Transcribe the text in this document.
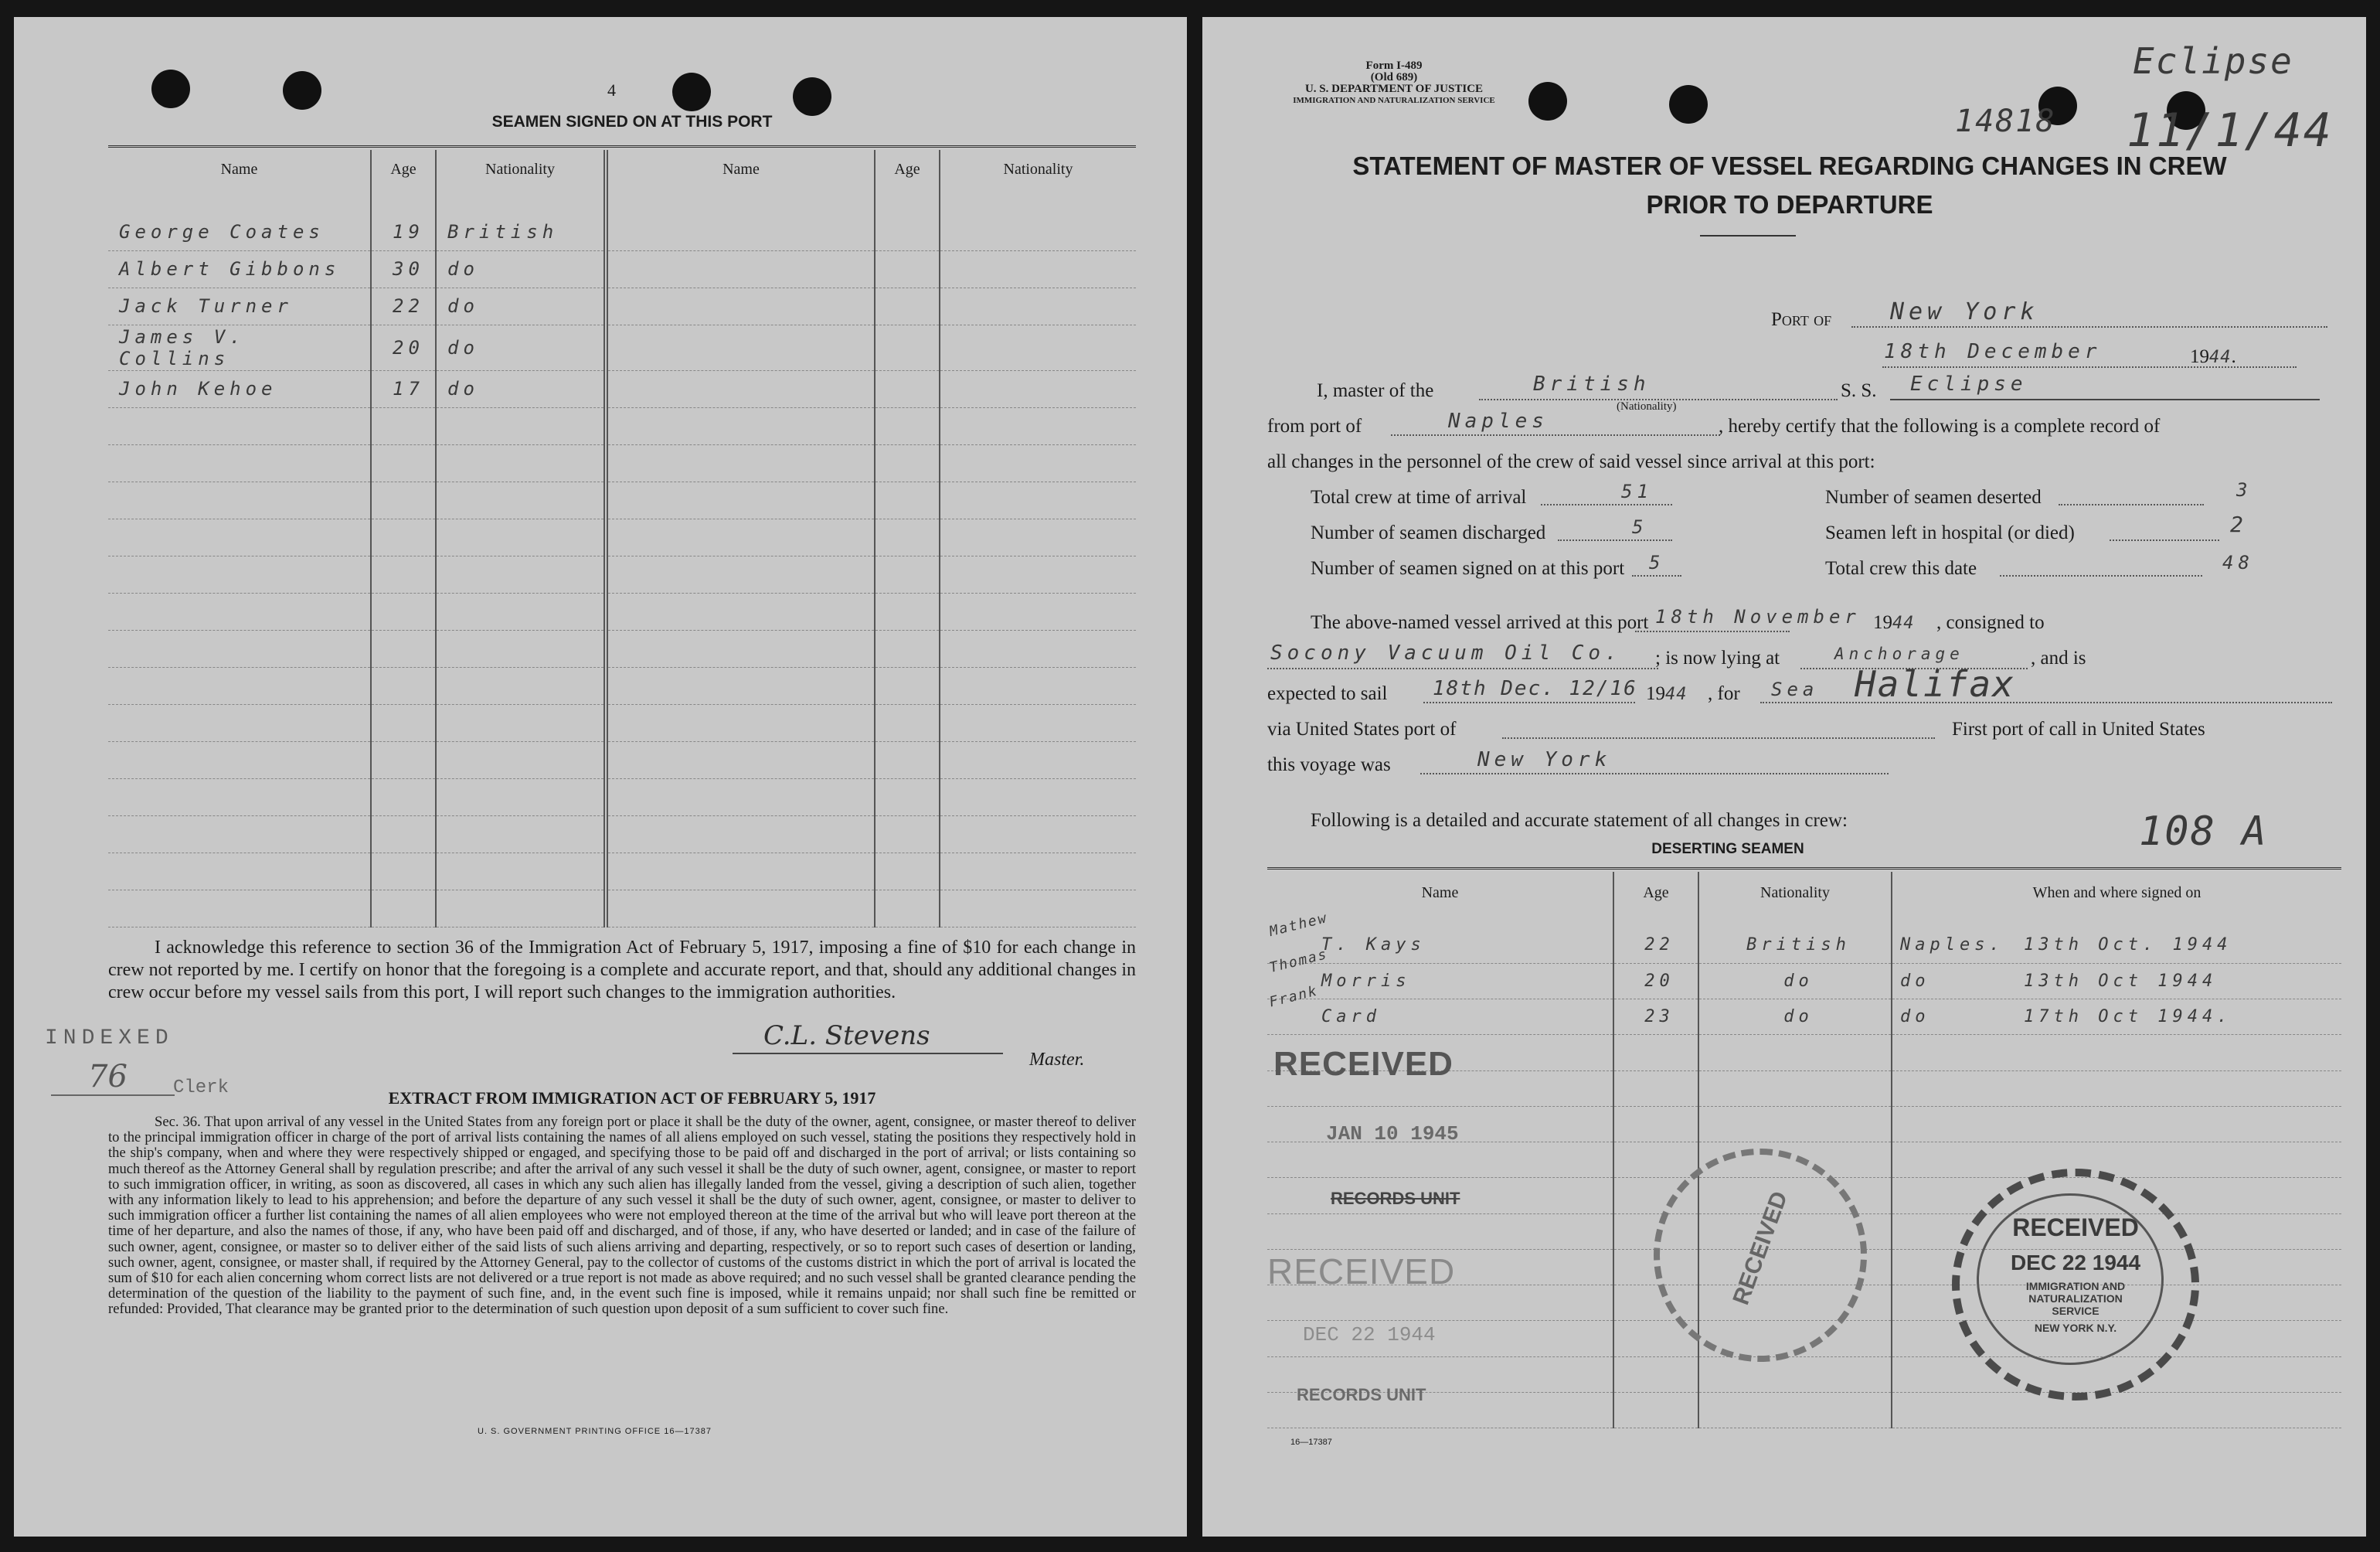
4
SEAMEN SIGNED ON AT THIS PORT
Name	Age	Nationality	Name	Age	Nationality
George Coates	19	British			
Albert Gibbons	30	do			
Jack Turner	22	do			
James V. Collins	20	do			
John Kehoe	17	do			

I acknowledge this reference to section 36 of the Immigration Act of February 5, 1917, imposing a fine of $10 for each change in crew not reported by me. I certify on honor that the foregoing is a complete and accurate report, and that, should any additional changes in crew occur before my vessel sails from this port, I will report such changes to the immigration authorities.
C.L. Stevens
Master.
INDEXED
76 Clerk	EXTRACT FROM IMMIGRATION ACT OF FEBRUARY 5, 1917
Sec. 36. That upon arrival of any vessel in the United States from any foreign port or place it shall be the duty of the owner, agent, consignee, or master thereof to deliver to the principal immigration officer in charge of the port of arrival lists containing the names of all aliens employed on such vessel, stating the positions they respectively hold in the ship's company, when and where they were respectively shipped or engaged, and specifying those to be paid off and discharged in the port of arrival; or lists containing so much thereof as the Attorney General shall by regulation prescribe; and after the arrival of any such vessel it shall be the duty of such owner, agent, consignee, or master to report to such immigration officer, in writing, as soon as discovered, all cases in which any such alien has illegally landed from the vessel, giving a description of such alien, together with any information likely to lead to his apprehension; and before the departure of any such vessel it shall be the duty of such owner, agent, consignee, or master to deliver to such immigration officer a further list containing the names of all alien employees who were not employed thereon at the time of the arrival but who will leave port thereon at the time of her departure, and also the names of those, if any, who have been paid off and discharged, and of those, if any, who have deserted or landed; and in case of the failure of such owner, agent, consignee, or master so to deliver either of the said lists of such aliens arriving and departing, respectively, or so to report such cases of desertion or landing, such owner, agent, consignee, or master shall, if required by the Attorney General, pay to the collector of customs of the customs district in which the port of arrival is located the sum of $10 for each alien concerning whom correct lists are not delivered or a true report is not made as above required; and no such vessel shall be granted clearance pending the determination of the question of the liability to the payment of such fine, and, in the event such fine is imposed, while it remains unpaid; nor shall such fine be remitted or refunded: Provided, That clearance may be granted prior to the determination of such question upon deposit of a sum sufficient to cover such fine.
U. S. GOVERNMENT PRINTING OFFICE 16—17387
Form I-489
(Old 689)
U. S. DEPARTMENT OF JUSTICE
IMMIGRATION AND NATURALIZATION SERVICE
Eclipse
14818 11/1/44
STATEMENT OF MASTER OF VESSEL REGARDING CHANGES IN CREW
PRIOR TO DEPARTURE
Port of	New York
18th December	1944.
I, master of the	British
(Nationality)
S. S. Eclipse
from port of	Naples	, hereby certify that the following is a complete record of
all changes in the personnel of the crew of said vessel since arrival at this port:
Total crew at time of arrival	51
Number of seamen discharged	5
Number of seamen signed on at this port 5
Number of seamen deserted	3
Seamen left in hospital (or died)	2
Total crew this date	48
The above-named vessel arrived at this port 18th November 1944 , consigned to
Socony Vacuum Oil Co. ; is now lying at	Anchorage	, and is
expected to sail 18th Dec. 12/16 1944 , for Sea Halifax
via United States port of	First port of call in United States
this voyage was	New York
Following is a detailed and accurate statement of all changes in crew:	108 A
DESERTING SEAMEN
Name	Age	Nationality	When and where signed on

Mathew
T. Kays	22	British	Naples. 13th Oct. 1944

Thomas
Morris	20	do	do 13th Oct 1944

Frank
Card	23	do	do 17th Oct 1944.

RECEIVED
JAN 10 1945
RECORDS UNIT
RECEIVED
DEC 22 1944
RECORDS UNIT
RECEIVED	RECEIVED
DEC 22 1944
IMMIGRATION AND NATURALIZATION SERVICE
NEW YORK N.Y.
16—17387
